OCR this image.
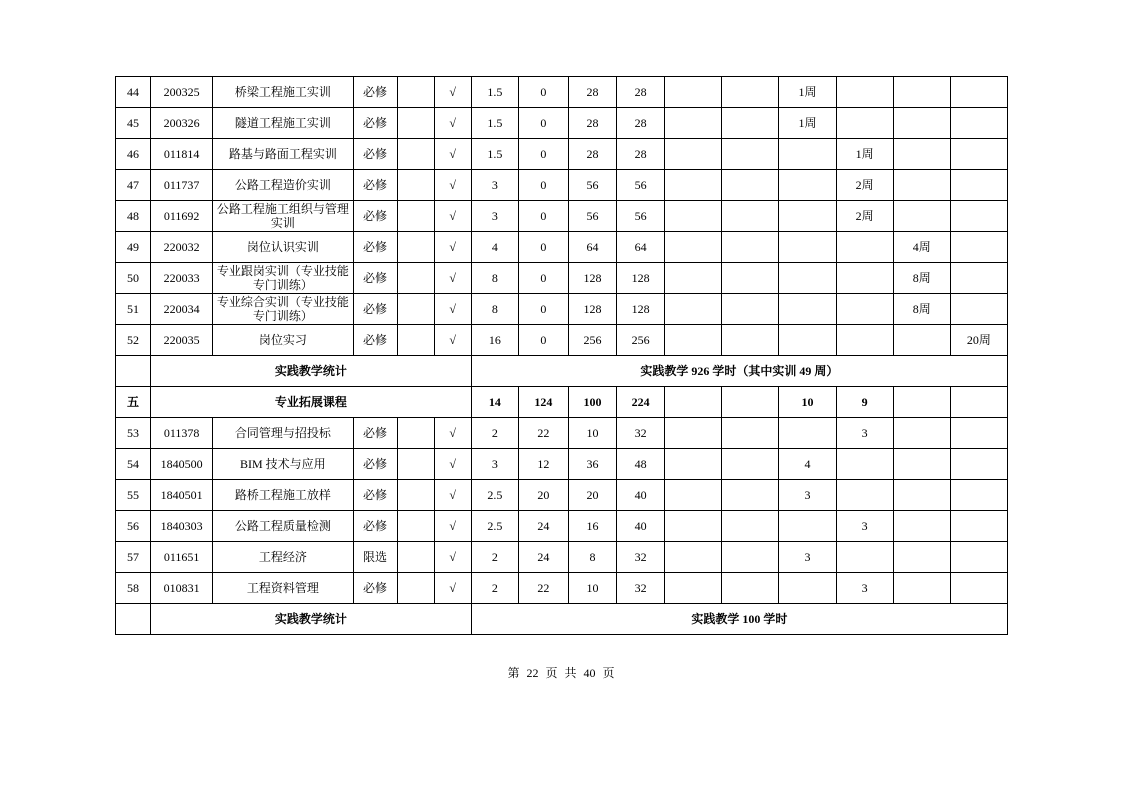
44	200325	桥梁工程施工实训	必修		√	1.5	0	28	28			1周			
45	200326	隧道工程施工实训	必修		√	1.5	0	28	28			1周			
46	011814	路基与路面工程实训	必修		√	1.5	0	28	28				1周		
47	011737	公路工程造价实训	必修		√	3	0	56	56				2周		
48	011692	公路工程施工组织与管理实训	必修		√	3	0	56	56				2周		
49	220032	岗位认识实训	必修		√	4	0	64	64					4周	
50	220033	专业跟岗实训（专业技能专门训练）	必修		√	8	0	128	128					8周	
51	220034	专业综合实训（专业技能专门训练）	必修		√	8	0	128	128					8周	
52	220035	岗位实习	必修		√	16	0	256	256						20周
	实践教学统计					实践教学 926 学时（其中实训 49 周）									
五	专业拓展课程					14	124	100	224			10	9		
53	011378	合同管理与招投标	必修		√	2	22	10	32				3		
54	1840500	BIM 技术与应用	必修		√	3	12	36	48			4			
55	1840501	路桥工程施工放样	必修		√	2.5	20	20	40			3			
56	1840303	公路工程质量检测	必修		√	2.5	24	16	40				3		
57	011651	工程经济	限选		√	2	24	8	32			3			
58	010831	工程资料管理	必修		√	2	22	10	32				3		
	实践教学统计					实践教学 100 学时									
第 22 页 共 40 页
